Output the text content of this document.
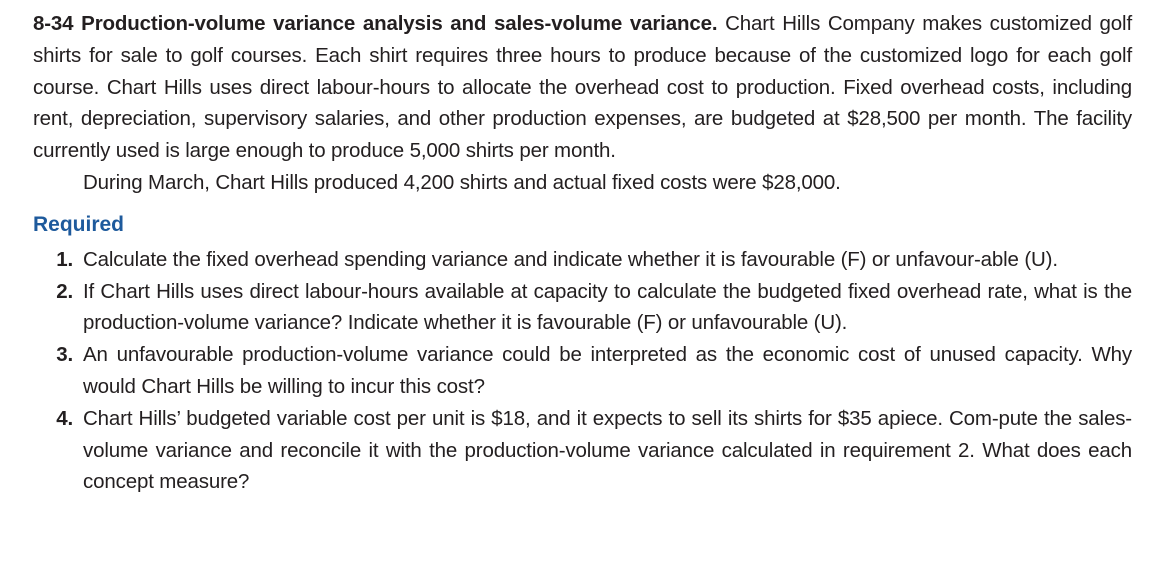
8-34 Production-volume variance analysis and sales-volume variance. Chart Hills Company makes customized golf shirts for sale to golf courses. Each shirt requires three hours to produce because of the customized logo for each golf course. Chart Hills uses direct labour-hours to allocate the overhead cost to production. Fixed overhead costs, including rent, depreciation, supervisory salaries, and other production expenses, are budgeted at $28,500 per month. The facility currently used is large enough to produce 5,000 shirts per month.
During March, Chart Hills produced 4,200 shirts and actual fixed costs were $28,000.
Required
1. Calculate the fixed overhead spending variance and indicate whether it is favourable (F) or unfavour-able (U).
2. If Chart Hills uses direct labour-hours available at capacity to calculate the budgeted fixed overhead rate, what is the production-volume variance? Indicate whether it is favourable (F) or unfavourable (U).
3. An unfavourable production-volume variance could be interpreted as the economic cost of unused capacity. Why would Chart Hills be willing to incur this cost?
4. Chart Hills’ budgeted variable cost per unit is $18, and it expects to sell its shirts for $35 apiece. Com-pute the sales-volume variance and reconcile it with the production-volume variance calculated in requirement 2. What does each concept measure?
